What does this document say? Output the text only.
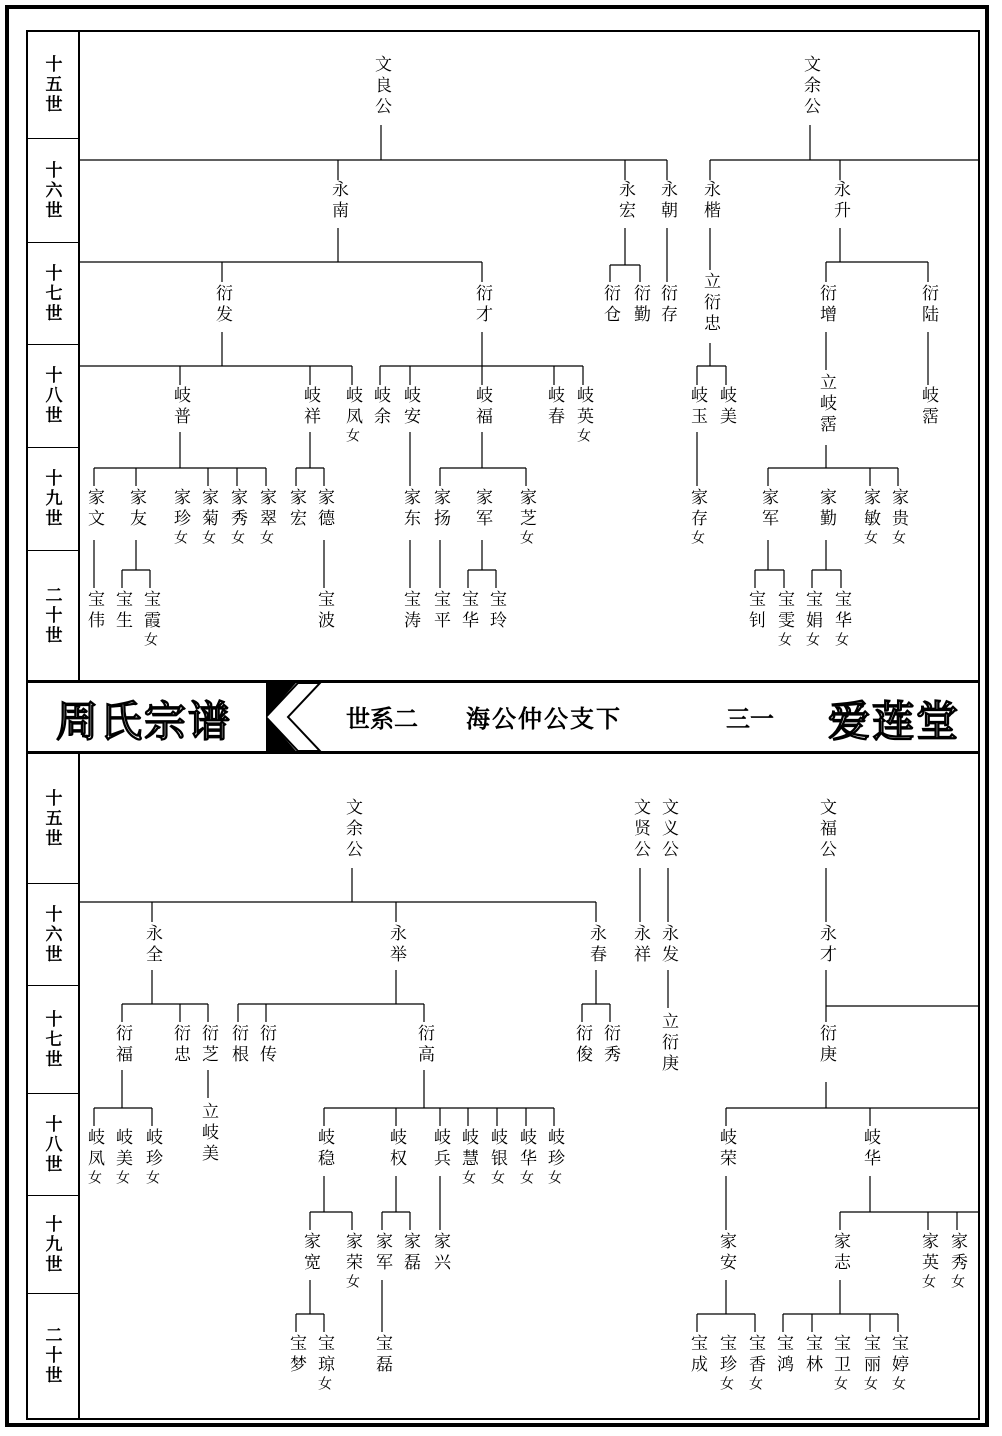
十五世
十六世
十七世
十八世
十九世
二十世
周氏宗谱	世系二 海公仲公支下	三一 爱莲堂
十五世
十六世
十七世
十八世
十九世
二十世
文良公	文余公
永南	永宏 永朝 永楷	永升
衍发	衍才	衍仓 衍勤 衍存 立衍忠	衍增	衍陆
岐普	岐祥 岐凤女
岐余 岐安	岐福	岐春 岐英女
岐玉 岐美	立岐霑	岐霑
家文 家友 家珍女
家菊女
家秀女
家翠女
家宏 家德	家东 家扬 家军 家芝女
家存女
家军 家勤 家敏女
家贵女
宝伟 宝生 宝霞女
宝波	宝涛 宝平 宝华 宝玲	宝钊 宝雯女
宝娟女
宝华女
文余公	文贤公 文义公	文福公
永全	永举	永春 永祥 永发	永才
衍福 衍忠 衍芝 衍根 衍传	衍高	衍俊 衍秀 立衍庚	衍庚
岐凤女
岐美女
岐珍女
立岐美	岐稳	岐权 岐兵 岐慧女
岐银女
岐华女
岐珍女
岐荣	岐华
家宽 家荣女
家军 家磊 家兴	家安	家志	家英女
家秀女
宝梦 宝琼女
宝磊	宝成 宝珍女
宝香女
宝鸿 宝林 宝卫女
宝丽女
宝婷女
